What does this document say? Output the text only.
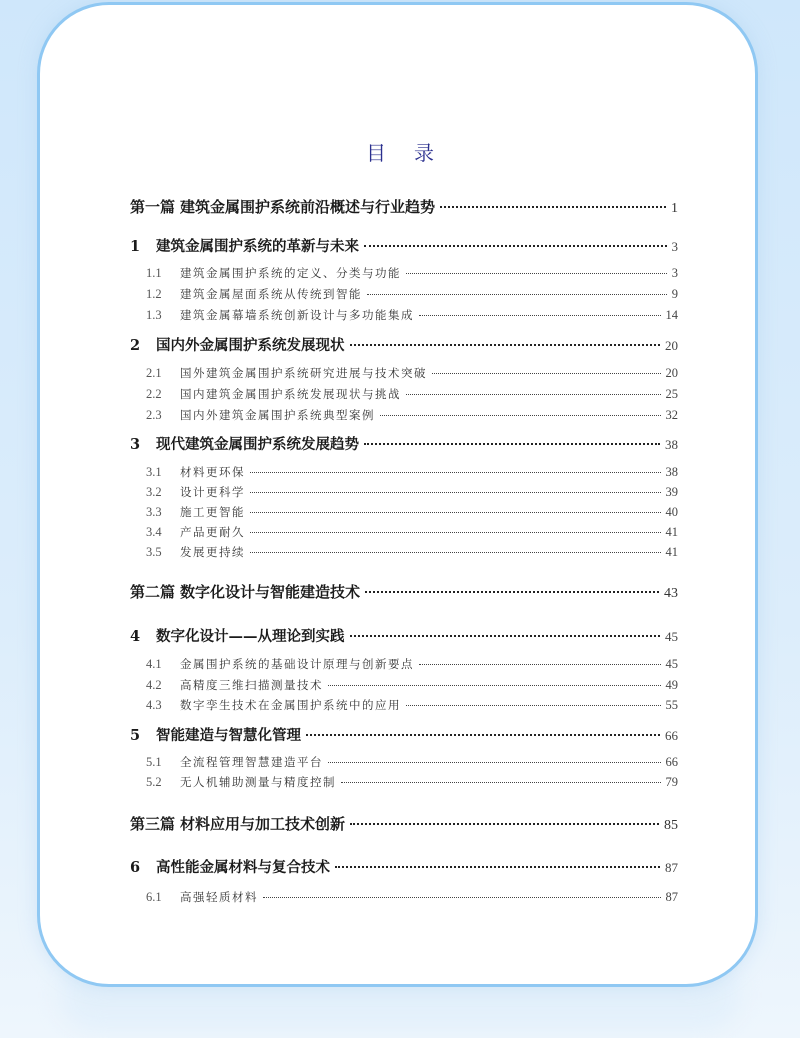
目录
第一篇 建筑金属围护系统前沿概述与行业趋势	1
1	建筑金属围护系统的革新与未来	3
1.1	建筑金属围护系统的定义、分类与功能	3
1.2	建筑金属屋面系统从传统到智能	9
1.3	建筑金属幕墙系统创新设计与多功能集成	14
2	国内外金属围护系统发展现状	20
2.1	国外建筑金属围护系统研究进展与技术突破	20
2.2	国内建筑金属围护系统发展现状与挑战	25
2.3	国内外建筑金属围护系统典型案例	32
3	现代建筑金属围护系统发展趋势	38
3.1	材料更环保	38
3.2	设计更科学	39
3.3	施工更智能	40
3.4	产品更耐久	41
3.5	发展更持续	41
第二篇 数字化设计与智能建造技术	43
4	数字化设计——从理论到实践	45
4.1	金属围护系统的基础设计原理与创新要点	45
4.2	高精度三维扫描测量技术	49
4.3	数字孪生技术在金属围护系统中的应用	55
5	智能建造与智慧化管理	66
5.1	全流程管理智慧建造平台	66
5.2	无人机辅助测量与精度控制	79
第三篇 材料应用与加工技术创新	85
6	高性能金属材料与复合技术	87
6.1	高强轻质材料	87
